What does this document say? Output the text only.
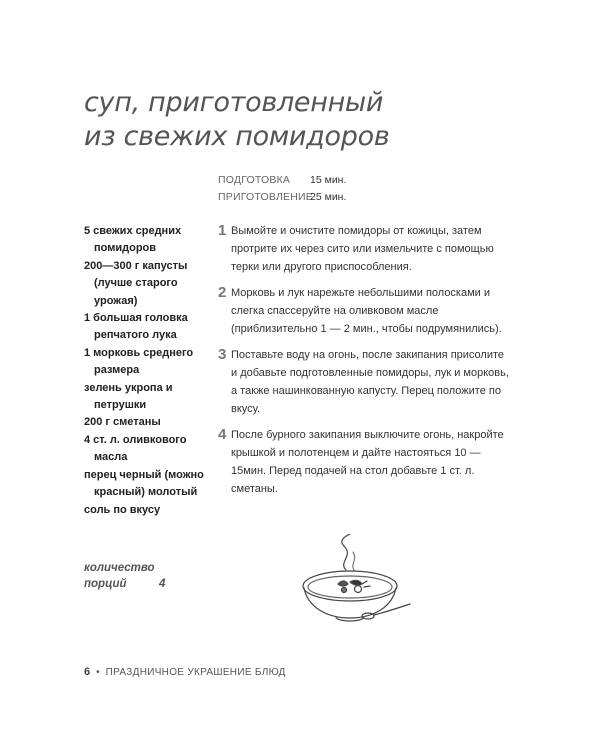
суп, приготовленный
из свежих помидоров
ПОДГОТОВКА	15 мин.
ПРИГОТОВЛЕНИЕ
25 мин.
5 свежих средних помидоров
200—300 г капусты (лучше старого урожая)
1 большая головка репчатого лука
1 морковь среднего размера
зелень укропа и петрушки
200 г сметаны
4 ст. л. оливкового масла
перец черный (можно красный) молотый
соль по вкусу
1 Вымойте и очистите помидоры от кожицы, затем протрите их через сито или измельчите с помощью терки или другого приспособления.
2 Морковь и лук нарежьте небольшими полосками и слегка спассеруйте на оливковом масле (приблизительно 1 — 2 мин., чтобы подрумянились).
3 Поставьте воду на огонь, после закипания присолите и добавьте подготовленные помидоры, лук и морковь, а также нашинкованную капусту. Перец положите по вкусу.
4 После бурного закипания выключите огонь, накройте крышкой и полотенцем и дайте настояться 10 — 15мин. Перед подачей на стол добавьте 1 ст. л. сметаны.
количество
порций	4
6 • ПРАЗДНИЧНОЕ УКРАШЕНИЕ БЛЮД
